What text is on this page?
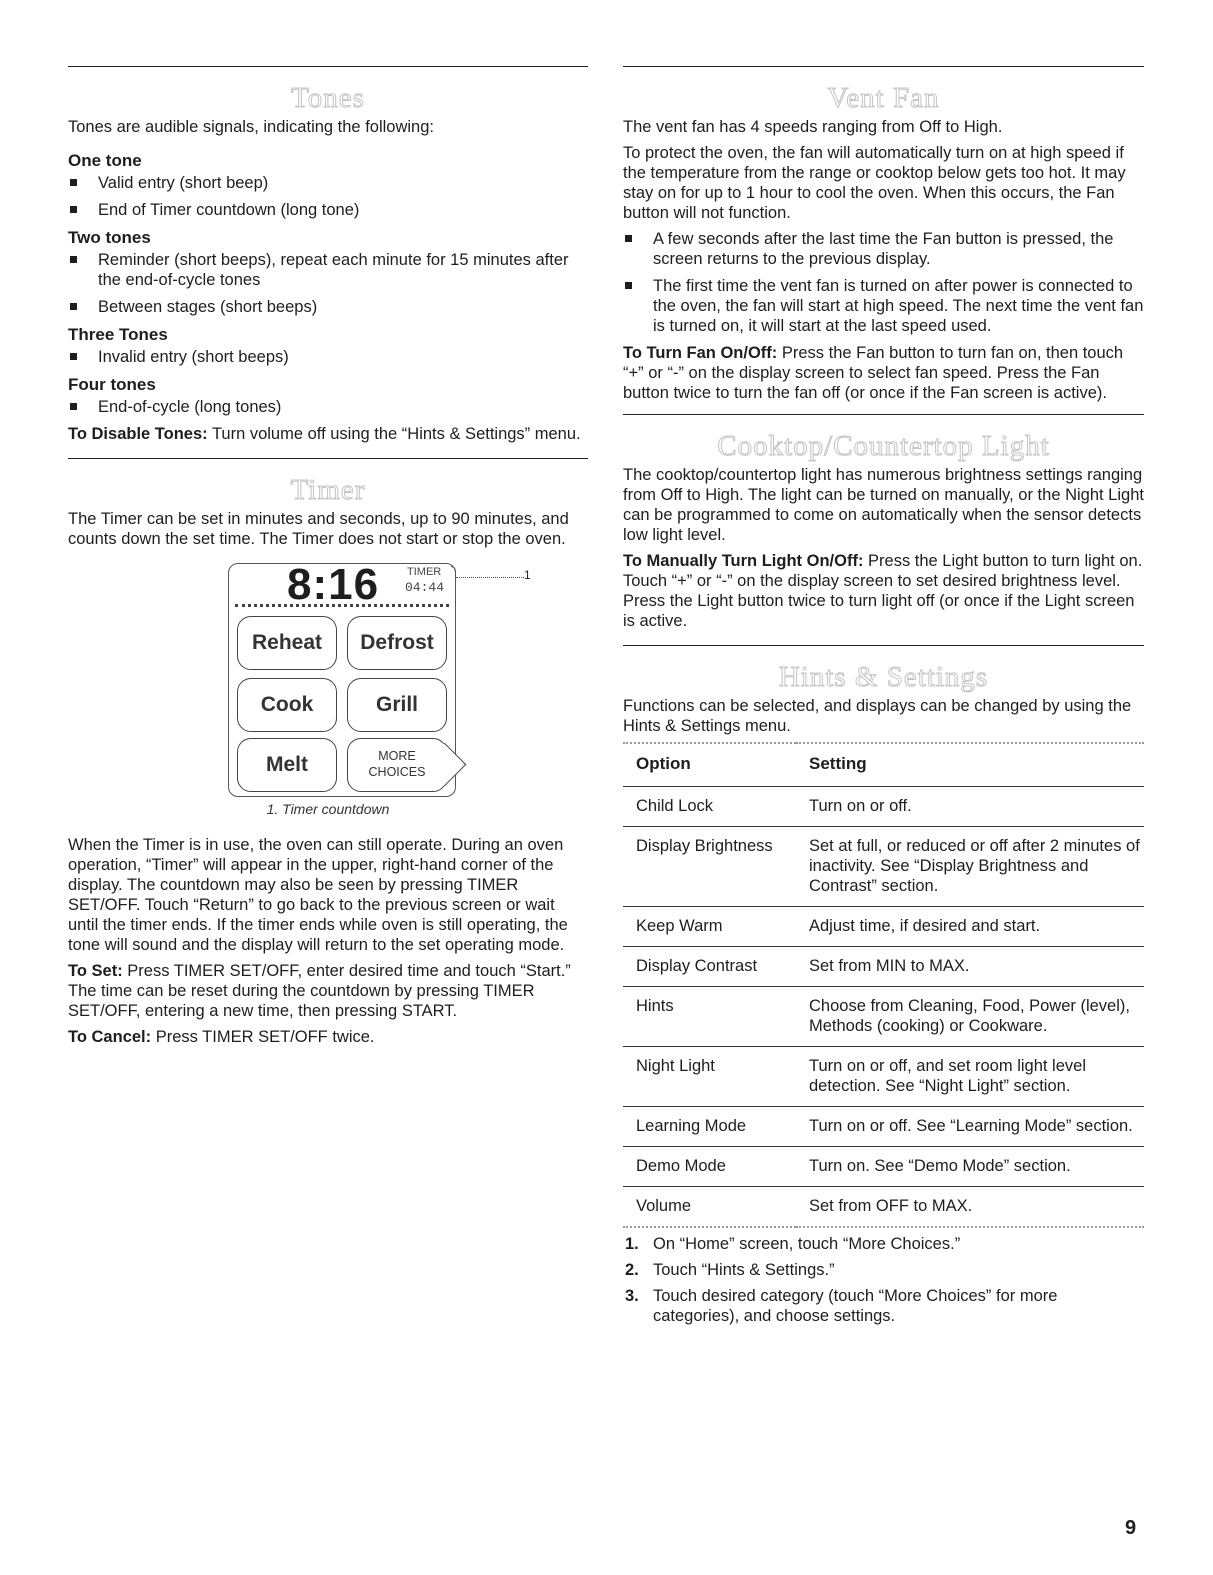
Tones

Tones are audible signals, indicating the following:

One tone
Valid entry (short beep)
End of Timer countdown (long tone)
Two tones
Reminder (short beeps), repeat each minute for 15 minutes after the end-of-cycle tones
Between stages (short beeps)
Three Tones
Invalid entry (short beeps)
Four tones
End-of-cycle (long tones)

To Disable Tones: Turn volume off using the “Hints & Settings” menu.

Timer

The Timer can be set in minutes and seconds, up to 90 minutes, and counts down the set time. The Timer does not start or stop the oven.

8:16	TIMER
04:44
Reheat	Defrost
Cook	Grill
Melt	MORE
CHOICES
1
1. Timer countdown

When the Timer is in use, the oven can still operate. During an oven operation, “Timer” will appear in the upper, right-hand corner of the display. The countdown may also be seen by pressing TIMER SET/OFF. Touch “Return” to go back to the previous screen or wait until the timer ends. If the timer ends while oven is still operating, the tone will sound and the display will return to the set operating mode.

To Set: Press TIMER SET/OFF, enter desired time and touch “Start.” The time can be reset during the countdown by pressing TIMER SET/OFF, entering a new time, then pressing START.

To Cancel: Press TIMER SET/OFF twice.

Vent Fan

The vent fan has 4 speeds ranging from Off to High.

To protect the oven, the fan will automatically turn on at high speed if the temperature from the range or cooktop below gets too hot. It may stay on for up to 1 hour to cool the oven. When this occurs, the Fan button will not function.

A few seconds after the last time the Fan button is pressed, the screen returns to the previous display.
The first time the vent fan is turned on after power is connected to the oven, the fan will start at high speed. The next time the vent fan is turned on, it will start at the last speed used.

To Turn Fan On/Off: Press the Fan button to turn fan on, then touch “+” or “-” on the display screen to select fan speed. Press the Fan button twice to turn the fan off (or once if the Fan screen is active).

Cooktop/Countertop Light

The cooktop/countertop light has numerous brightness settings ranging from Off to High. The light can be turned on manually, or the Night Light can be programmed to come on automatically when the sensor detects low light level.

To Manually Turn Light On/Off: Press the Light button to turn light on. Touch “+” or “-” on the display screen to set desired brightness level. Press the Light button twice to turn light off (or once if the Light screen is active.

Hints & Settings

Functions can be selected, and displays can be changed by using the Hints & Settings menu.

Option	Setting
Child Lock	Turn on or off.
Display Brightness	Set at full, or reduced or off after 2 minutes of inactivity. See “Display Brightness and Contrast” section.
Keep Warm	Adjust time, if desired and start.
Display Contrast	Set from MIN to MAX.
Hints	Choose from Cleaning, Food, Power (level), Methods (cooking) or Cookware.
Night Light	Turn on or off, and set room light level detection. See “Night Light” section.
Learning Mode	Turn on or off. See “Learning Mode” section.
Demo Mode	Turn on. See “Demo Mode” section.
Volume	Set from OFF to MAX.
1. On “Home” screen, touch “More Choices.”
2. Touch “Hints & Settings.”
3. Touch desired category (touch “More Choices” for more categories), and choose settings.
9
